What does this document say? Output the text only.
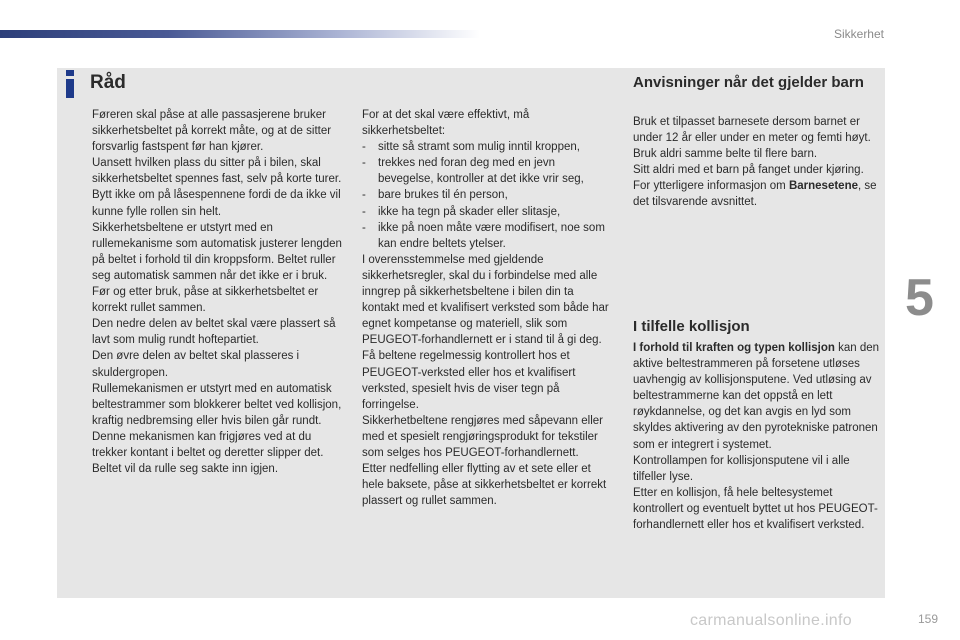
Sikkerhet
Råd

Føreren skal påse at alle passasjerene bruker sikkerhetsbeltet på korrekt måte, og at de sitter forsvarlig fastspent før han kjører.

Uansett hvilken plass du sitter på i bilen, skal sikkerhetsbeltet spennes fast, selv på korte turer.

Bytt ikke om på låsespennene fordi de da ikke vil kunne fylle rollen sin helt.

Sikkerhetsbeltene er utstyrt med en rullemekanisme som automatisk justerer lengden på beltet i forhold til din kroppsform. Beltet ruller seg automatisk sammen når det ikke er i bruk.

Før og etter bruk, påse at sikkerhetsbeltet er korrekt rullet sammen.

Den nedre delen av beltet skal være plassert så lavt som mulig rundt hoftepartiet.

Den øvre delen av beltet skal plasseres i skuldergropen.

Rullemekanismen er utstyrt med en automatisk beltestrammer som blokkerer beltet ved kollisjon, kraftig nedbremsing eller hvis bilen går rundt. Denne mekanismen kan frigjøres ved at du trekker kontant i beltet og deretter slipper det. Beltet vil da rulle seg sakte inn igjen.

For at det skal være effektivt, må sikkerhetsbeltet:

- sitte så stramt som mulig inntil kroppen,
- trekkes ned foran deg med en jevn bevegelse, kontroller at det ikke vrir seg,
- bare brukes til én person,
- ikke ha tegn på skader eller slitasje,
- ikke på noen måte være modifisert, noe som kan endre beltets ytelser.

I overensstemmelse med gjeldende sikkerhetsregler, skal du i forbindelse med alle inngrep på sikkerhetsbeltene i bilen din ta kontakt med et kvalifisert verksted som både har egnet kompetanse og materiell, slik som PEUGEOT-forhandlernett er i stand til å gi deg.

Få beltene regelmessig kontrollert hos et PEUGEOT-verksted eller hos et kvalifisert verksted, spesielt hvis de viser tegn på forringelse.

Sikkerhetbeltene rengjøres med såpevann eller med et spesielt rengjøringsprodukt for tekstiler som selges hos PEUGEOT-forhandlernett.

Etter nedfelling eller flytting av et sete eller et hele baksete, påse at sikkerhetsbeltet er korrekt plassert og rullet sammen.

Anvisninger når det gjelder barn

Bruk et tilpasset barnesete dersom barnet er under 12 år eller under en meter og femti høyt.

Bruk aldri samme belte til flere barn.

Sitt aldri med et barn på fanget under kjøring.

For ytterligere informasjon om Barnesetene, se det tilsvarende avsnittet.

I tilfelle kollisjon

I forhold til kraften og typen kollisjon kan den aktive beltestrammeren på forsetene utløses uavhengig av kollisjonsputene. Ved utløsing av beltestrammerne kan det oppstå en lett røykdannelse, og det kan avgis en lyd som skyldes aktivering av den pyrotekniske patronen som er integrert i systemet.

Kontrollampen for kollisjonsputene vil i alle tilfeller lyse.

Etter en kollisjon, få hele beltesystemet kontrollert og eventuelt byttet ut hos PEUGEOT-forhandlernett eller hos et kvalifisert verksted.

5
carmanualsonline.info	159
